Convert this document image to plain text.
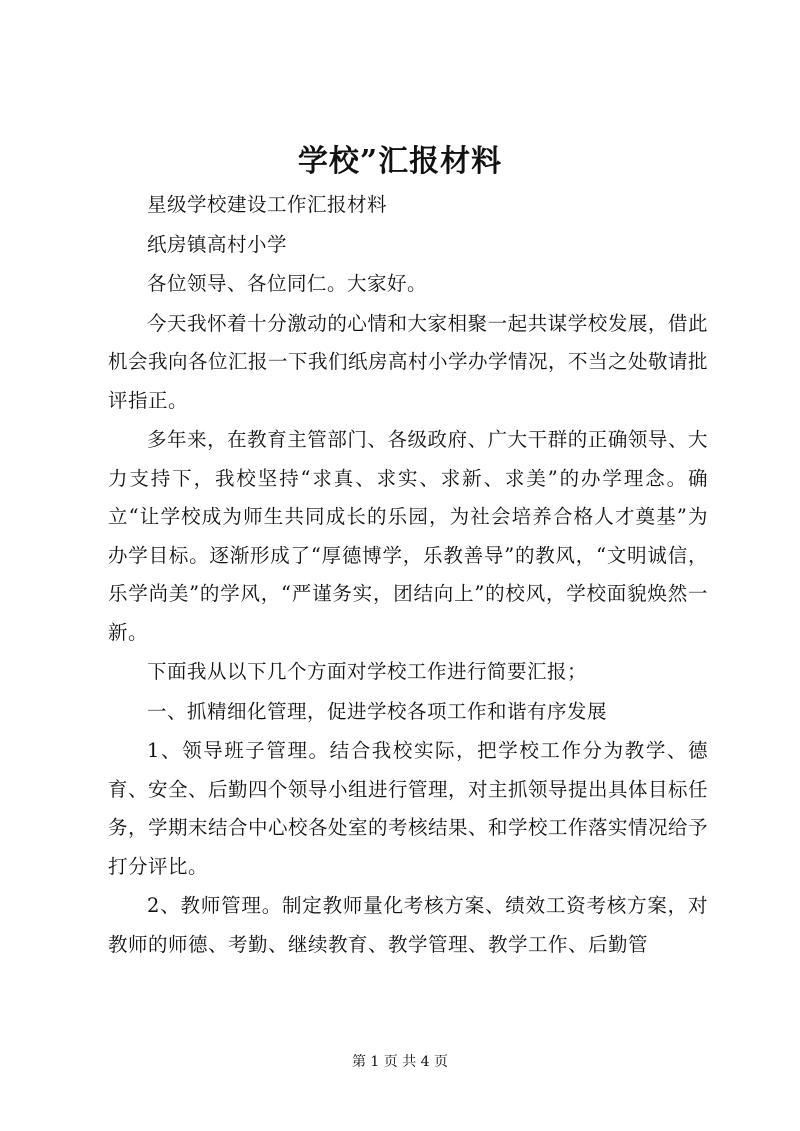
学校”汇报材料

星级学校建设工作汇报材料

纸房镇高村小学

各位领导、各位同仁。大家好。

今天我怀着十分激动的心情和大家相聚一起共谋学校发展，借此机会我向各位汇报一下我们纸房高村小学办学情况，不当之处敬请批评指正。

多年来，在教育主管部门、各级政府、广大干群的正确领导、大力支持下，我校坚持“求真、求实、求新、求美”的办学理念。确立“让学校成为师生共同成长的乐园，为社会培养合格人才奠基”为办学目标。逐渐形成了“厚德博学，乐教善导”的教风，“文明诚信，乐学尚美”的学风，“严谨务实，团结向上”的校风，学校面貌焕然一新。

下面我从以下几个方面对学校工作进行简要汇报；

一、抓精细化管理，促进学校各项工作和谐有序发展

1、领导班子管理。结合我校实际，把学校工作分为教学、德育、安全、后勤四个领导小组进行管理，对主抓领导提出具体目标任务，学期末结合中心校各处室的考核结果、和学校工作落实情况给予打分评比。

2、教师管理。制定教师量化考核方案、绩效工资考核方案，对教师的师德、考勤、继续教育、教学管理、教学工作、后勤管

第 1 页 共 4 页
